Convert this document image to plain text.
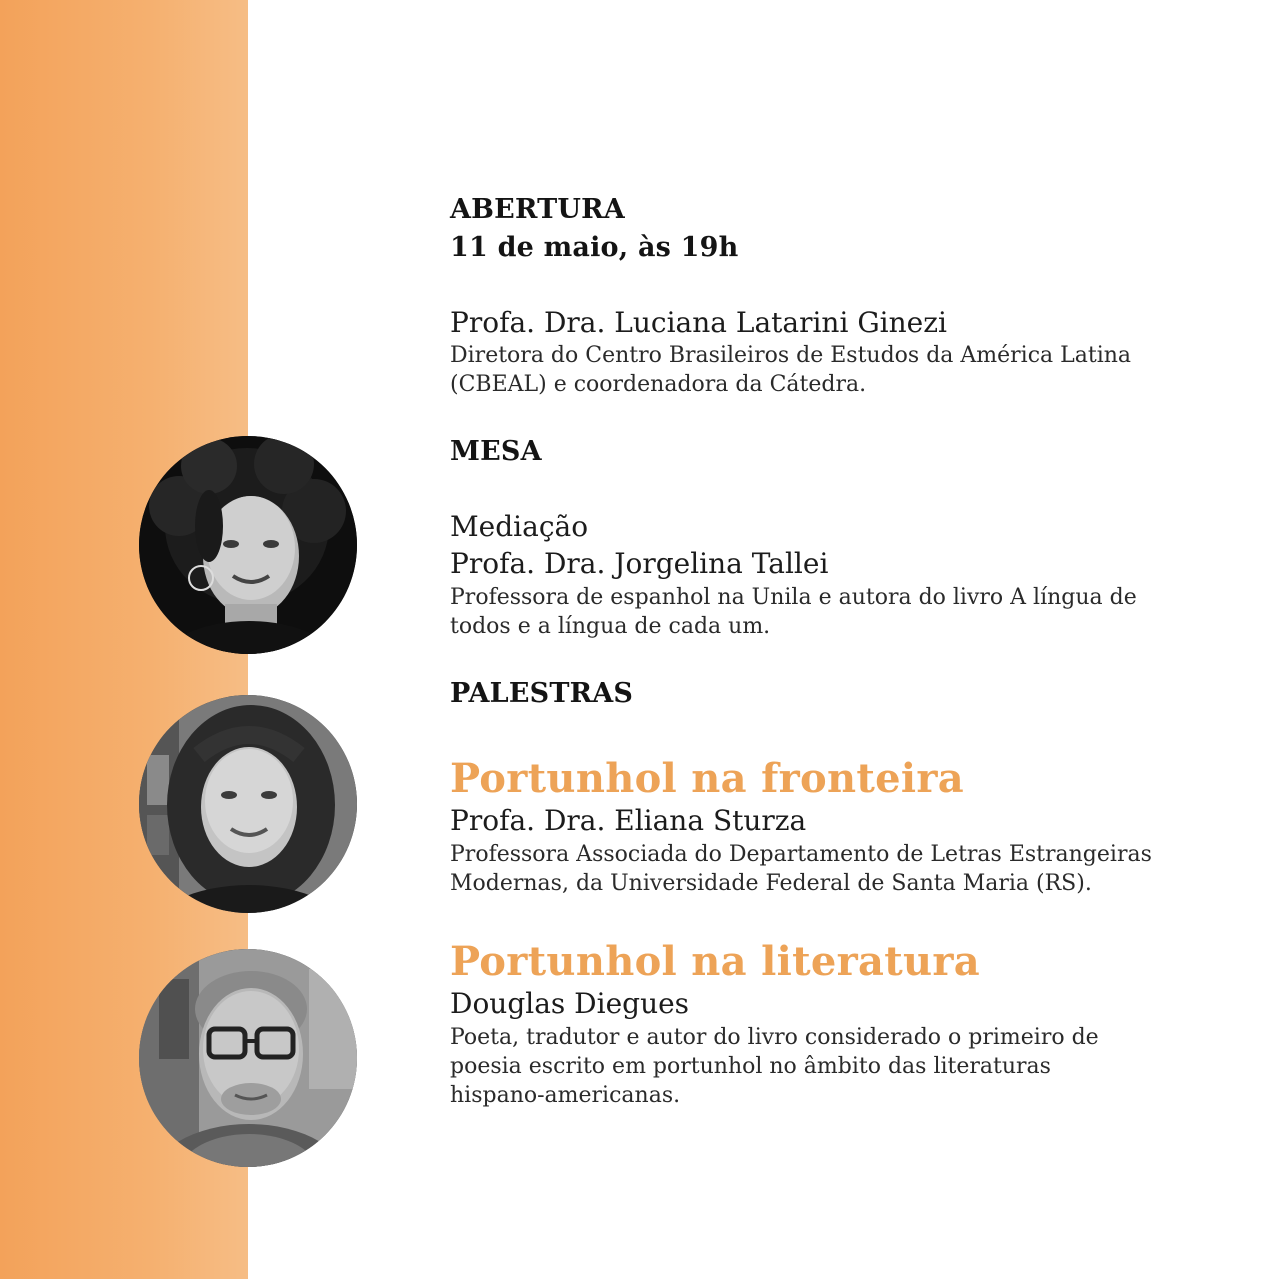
ABERTURA
11 de maio, às 19h
Profa. Dra. Luciana Latarini Ginezi
Diretora do Centro Brasileiros de Estudos da América Latina
(CBEAL) e coordenadora da Cátedra.
MESA
Mediação
Profa. Dra. Jorgelina Tallei
Professora de espanhol na Unila e autora do livro A língua de
todos e a língua de cada um.
PALESTRAS
Portunhol na fronteira
Profa. Dra. Eliana Sturza
Professora Associada do Departamento de Letras Estrangeiras
Modernas, da Universidade Federal de Santa Maria (RS).
Portunhol na literatura
Douglas Diegues
Poeta, tradutor e autor do livro considerado o primeiro de
poesia escrito em portunhol no âmbito das literaturas
hispano-americanas.
